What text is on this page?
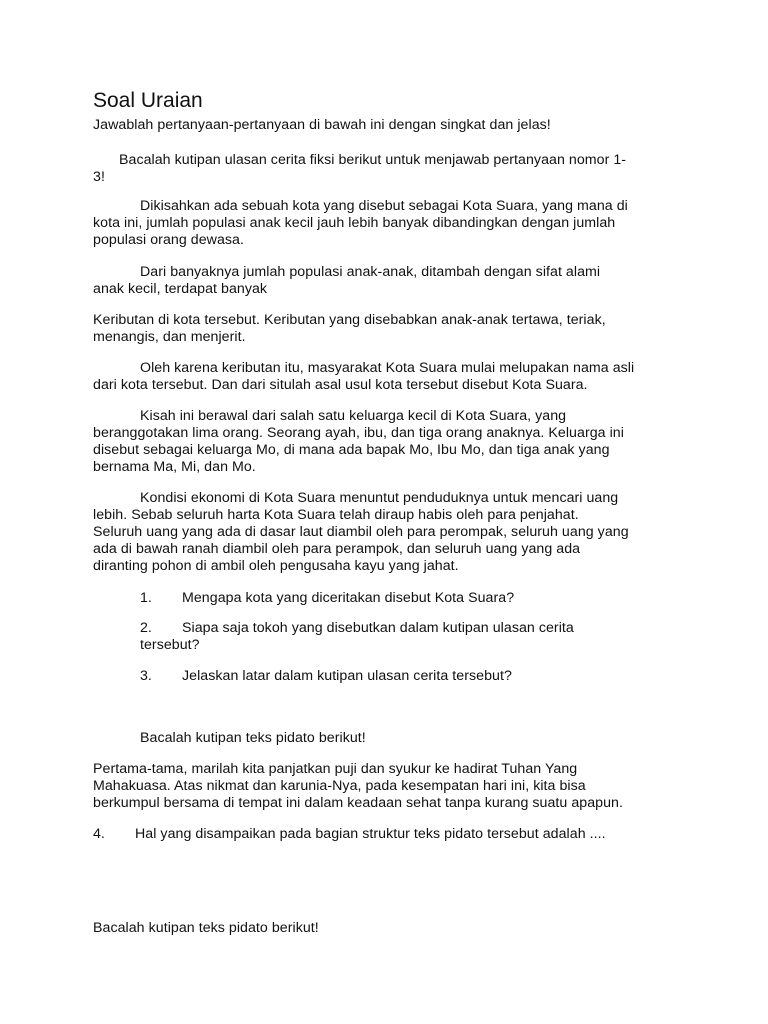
Soal Uraian
Jawablah pertanyaan-pertanyaan di bawah ini dengan singkat dan jelas!
Bacalah kutipan ulasan cerita fiksi berikut untuk menjawab pertanyaan nomor 1-
3!
Dikisahkan ada sebuah kota yang disebut sebagai Kota Suara, yang mana di
kota ini, jumlah populasi anak kecil jauh lebih banyak dibandingkan dengan jumlah
populasi orang dewasa.
Dari banyaknya jumlah populasi anak-anak, ditambah dengan sifat alami
anak kecil, terdapat banyak
Keributan di kota tersebut. Keributan yang disebabkan anak-anak tertawa, teriak,
menangis, dan menjerit.
Oleh karena keributan itu, masyarakat Kota Suara mulai melupakan nama asli
dari kota tersebut. Dan dari situlah asal usul kota tersebut disebut Kota Suara.
Kisah ini berawal dari salah satu keluarga kecil di Kota Suara, yang
beranggotakan lima orang. Seorang ayah, ibu, dan tiga orang anaknya. Keluarga ini
disebut sebagai keluarga Mo, di mana ada bapak Mo, Ibu Mo, dan tiga anak yang
bernama Ma, Mi, dan Mo.
Kondisi ekonomi di Kota Suara menuntut penduduknya untuk mencari uang
lebih. Sebab seluruh harta Kota Suara telah diraup habis oleh para penjahat.
Seluruh uang yang ada di dasar laut diambil oleh para perompak, seluruh uang yang
ada di bawah ranah diambil oleh para perampok, dan seluruh uang yang ada
diranting pohon di ambil oleh pengusaha kayu yang jahat.
1. Mengapa kota yang diceritakan disebut Kota Suara?
2. Siapa saja tokoh yang disebutkan dalam kutipan ulasan cerita
tersebut?
3. Jelaskan latar dalam kutipan ulasan cerita tersebut?
Bacalah kutipan teks pidato berikut!
Pertama-tama, marilah kita panjatkan puji dan syukur ke hadirat Tuhan Yang
Mahakuasa. Atas nikmat dan karunia-Nya, pada kesempatan hari ini, kita bisa
berkumpul bersama di tempat ini dalam keadaan sehat tanpa kurang suatu apapun.
4. Hal yang disampaikan pada bagian struktur teks pidato tersebut adalah ....
Bacalah kutipan teks pidato berikut!
